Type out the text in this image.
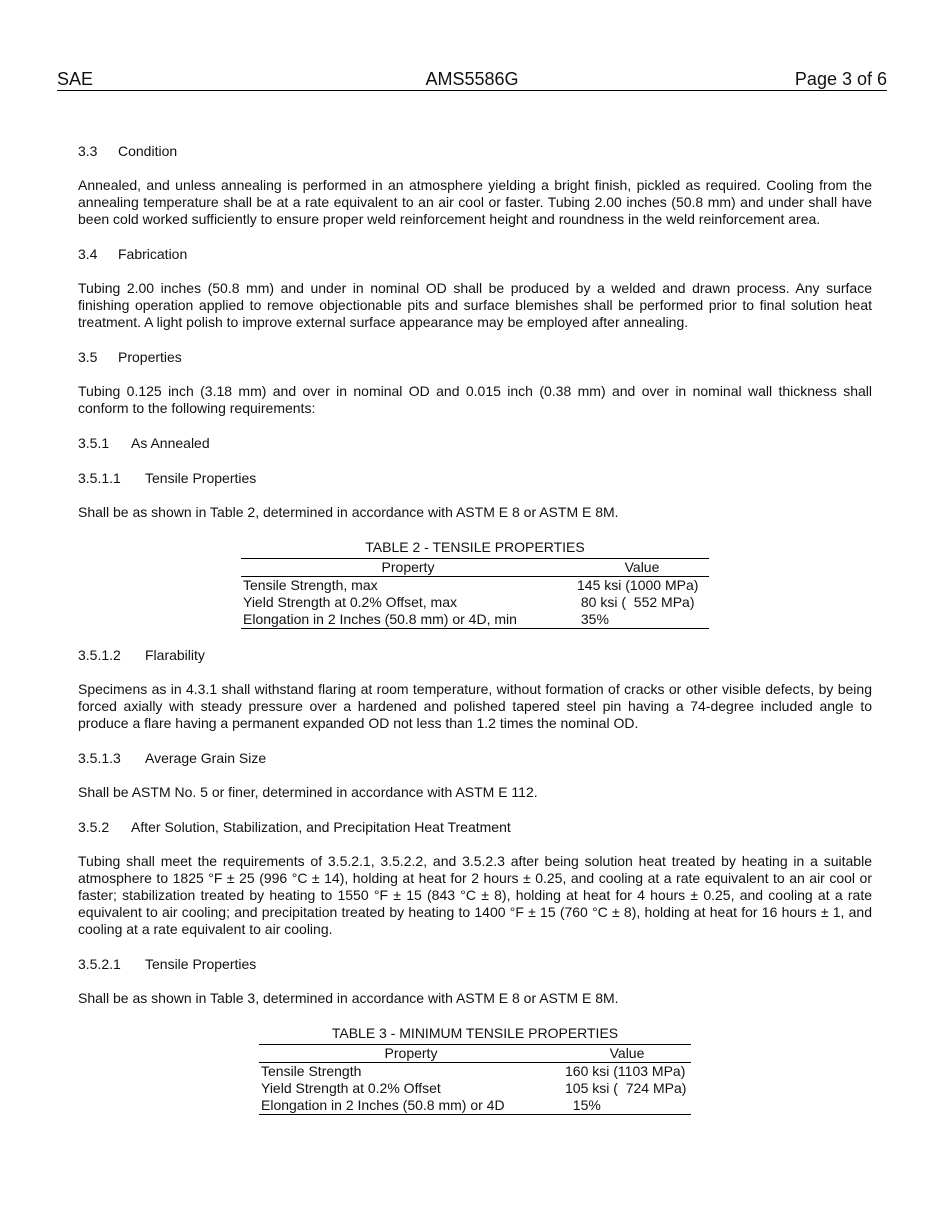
SAE	AMS5586G	Page 3 of 6
3.3 Condition

Annealed, and unless annealing is performed in an atmosphere yielding a bright finish, pickled as required. Cooling from the annealing temperature shall be at a rate equivalent to an air cool or faster. Tubing 2.00 inches (50.8 mm) and under shall have been cold worked sufficiently to ensure proper weld reinforcement height and roundness in the weld reinforcement area.

3.4 Fabrication

Tubing 2.00 inches (50.8 mm) and under in nominal OD shall be produced by a welded and drawn process. Any surface finishing operation applied to remove objectionable pits and surface blemishes shall be performed prior to final solution heat treatment. A light polish to improve external surface appearance may be employed after annealing.

3.5 Properties

Tubing 0.125 inch (3.18 mm) and over in nominal OD and 0.015 inch (0.38 mm) and over in nominal wall thickness shall conform to the following requirements:

3.5.1 As Annealed
3.5.1.1 Tensile Properties

Shall be as shown in Table 2, determined in accordance with ASTM E 8 or ASTM E 8M.

TABLE 2 - TENSILE PROPERTIES
Property	Value
Tensile Strength, max	145 ksi (1000 MPa)
Yield Strength at 0.2% Offset, max	80 ksi (  552 MPa)
Elongation in 2 Inches (50.8 mm) or 4D, min	35%
3.5.1.2 Flarability

Specimens as in 4.3.1 shall withstand flaring at room temperature, without formation of cracks or other visible defects, by being forced axially with steady pressure over a hardened and polished tapered steel pin having a 74-degree included angle to produce a flare having a permanent expanded OD not less than 1.2 times the nominal OD.

3.5.1.3 Average Grain Size

Shall be ASTM No. 5 or finer, determined in accordance with ASTM E 112.

3.5.2 After Solution, Stabilization, and Precipitation Heat Treatment

Tubing shall meet the requirements of 3.5.2.1, 3.5.2.2, and 3.5.2.3 after being solution heat treated by heating in a suitable atmosphere to 1825 °F ± 25 (996 °C ± 14), holding at heat for 2 hours ± 0.25, and cooling at a rate equivalent to an air cool or faster; stabilization treated by heating to 1550 °F ± 15 (843 °C ± 8), holding at heat for 4 hours ± 0.25, and cooling at a rate equivalent to air cooling; and precipitation treated by heating to 1400 °F ± 15 (760 °C ± 8), holding at heat for 16 hours ± 1, and cooling at a rate equivalent to air cooling.

3.5.2.1 Tensile Properties

Shall be as shown in Table 3, determined in accordance with ASTM E 8 or ASTM E 8M.

TABLE 3 - MINIMUM TENSILE PROPERTIES
Property	Value
Tensile Strength	160 ksi (1103 MPa)
Yield Strength at 0.2% Offset	105 ksi (  724 MPa)
Elongation in 2 Inches (50.8 mm) or 4D	15%
